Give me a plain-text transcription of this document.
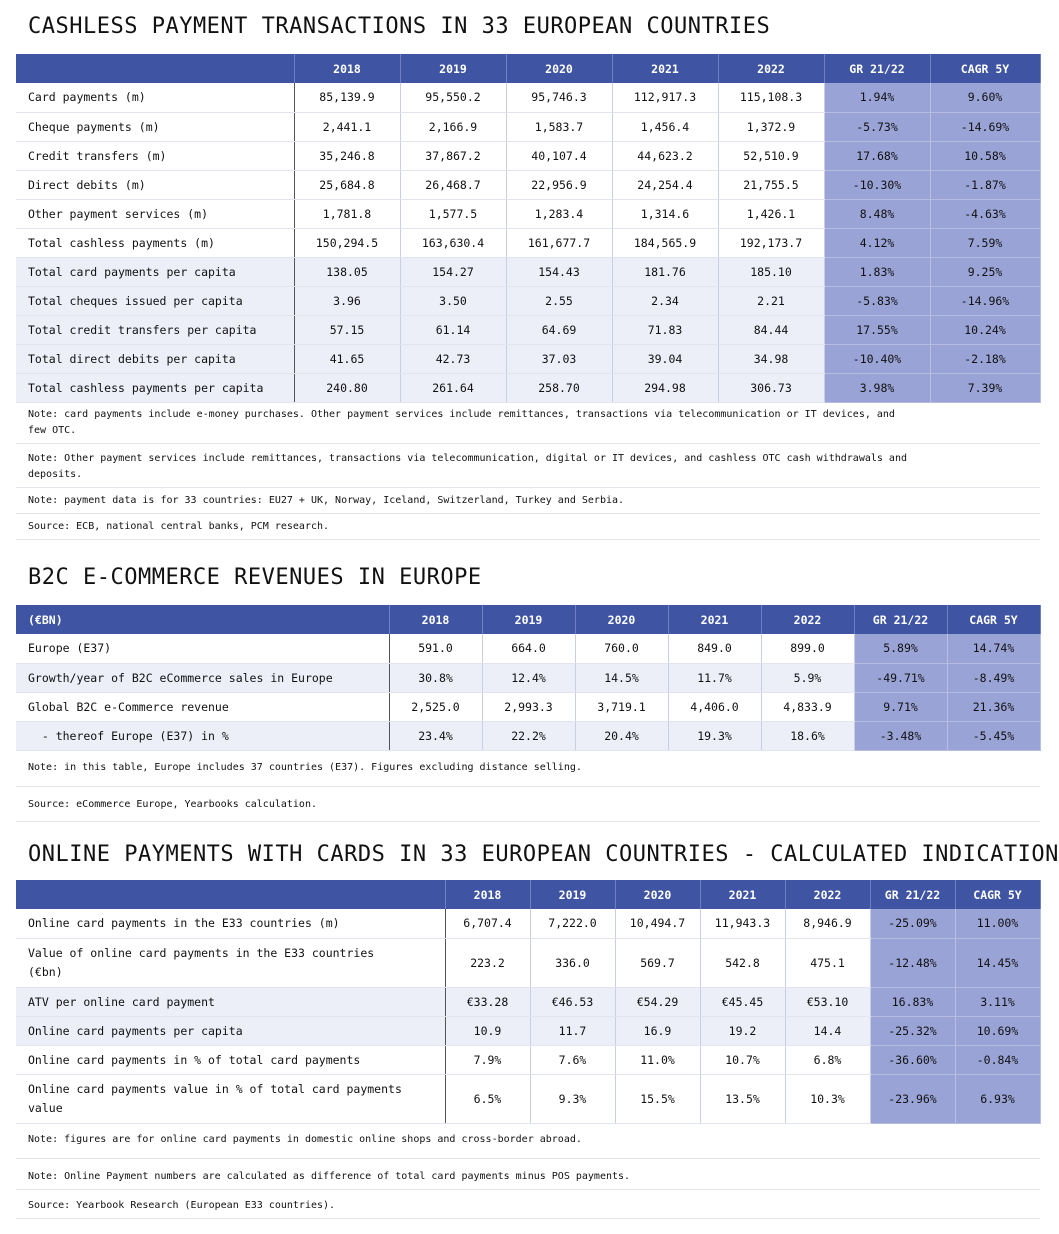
CASHLESS PAYMENT TRANSACTIONS IN 33 EUROPEAN COUNTRIES
	2018	2019	2020	2021	2022	GR 21/22	CAGR 5Y
Card payments (m)	85,139.9	95,550.2	95,746.3	112,917.3	115,108.3	1.94%	9.60%
Cheque payments (m)	2,441.1	2,166.9	1,583.7	1,456.4	1,372.9	-5.73%	-14.69%
Credit transfers (m)	35,246.8	37,867.2	40,107.4	44,623.2	52,510.9	17.68%	10.58%
Direct debits (m)	25,684.8	26,468.7	22,956.9	24,254.4	21,755.5	-10.30%	-1.87%
Other payment services (m)	1,781.8	1,577.5	1,283.4	1,314.6	1,426.1	8.48%	-4.63%
Total cashless payments (m)	150,294.5	163,630.4	161,677.7	184,565.9	192,173.7	4.12%	7.59%
Total card payments per capita	138.05	154.27	154.43	181.76	185.10	1.83%	9.25%
Total cheques issued per capita	3.96	3.50	2.55	2.34	2.21	-5.83%	-14.96%
Total credit transfers per capita	57.15	61.14	64.69	71.83	84.44	17.55%	10.24%
Total direct debits per capita	41.65	42.73	37.03	39.04	34.98	-10.40%	-2.18%
Total cashless payments per capita	240.80	261.64	258.70	294.98	306.73	3.98%	7.39%
Note: card payments include e-money purchases. Other payment services include remittances, transactions via telecommunication or IT devices, and few OTC.
Note: Other payment services include remittances, transactions via telecommunication, digital or IT devices, and cashless OTC cash withdrawals and deposits.
Note: payment data is for 33 countries: EU27 + UK, Norway, Iceland, Switzerland, Turkey and Serbia.
Source: ECB, national central banks, PCM research.
B2C E-COMMERCE REVENUES IN EUROPE
(€BN)	2018	2019	2020	2021	2022	GR 21/22	CAGR 5Y
Europe (E37)	591.0	664.0	760.0	849.0	899.0	5.89%	14.74%
Growth/year of B2C eCommerce sales in Europe	30.8%	12.4%	14.5%	11.7%	5.9%	-49.71%	-8.49%
Global B2C e-Commerce revenue	2,525.0	2,993.3	3,719.1	4,406.0	4,833.9	9.71%	21.36%
- thereof Europe (E37) in %	23.4%	22.2%	20.4%	19.3%	18.6%	-3.48%	-5.45%
Note: in this table, Europe includes 37 countries (E37). Figures excluding distance selling.
Source: eCommerce Europe, Yearbooks calculation.
ONLINE PAYMENTS WITH CARDS IN 33 EUROPEAN COUNTRIES - CALCULATED INDICATION
	2018	2019	2020	2021	2022	GR 21/22	CAGR 5Y
Online card payments in the E33 countries (m)	6,707.4	7,222.0	10,494.7	11,943.3	8,946.9	-25.09%	11.00%
Value of online card payments in the E33 countries (€bn)	223.2	336.0	569.7	542.8	475.1	-12.48%	14.45%
ATV per online card payment	€33.28	€46.53	€54.29	€45.45	€53.10	16.83%	3.11%
Online card payments per capita	10.9	11.7	16.9	19.2	14.4	-25.32%	10.69%
Online card payments in % of total card payments	7.9%	7.6%	11.0%	10.7%	6.8%	-36.60%	-0.84%
Online card payments value in % of total card payments value	6.5%	9.3%	15.5%	13.5%	10.3%	-23.96%	6.93%
Note: figures are for online card payments in domestic online shops and cross-border abroad.
Note: Online Payment numbers are calculated as difference of total card payments minus POS payments.
Source: Yearbook Research (European E33 countries).
